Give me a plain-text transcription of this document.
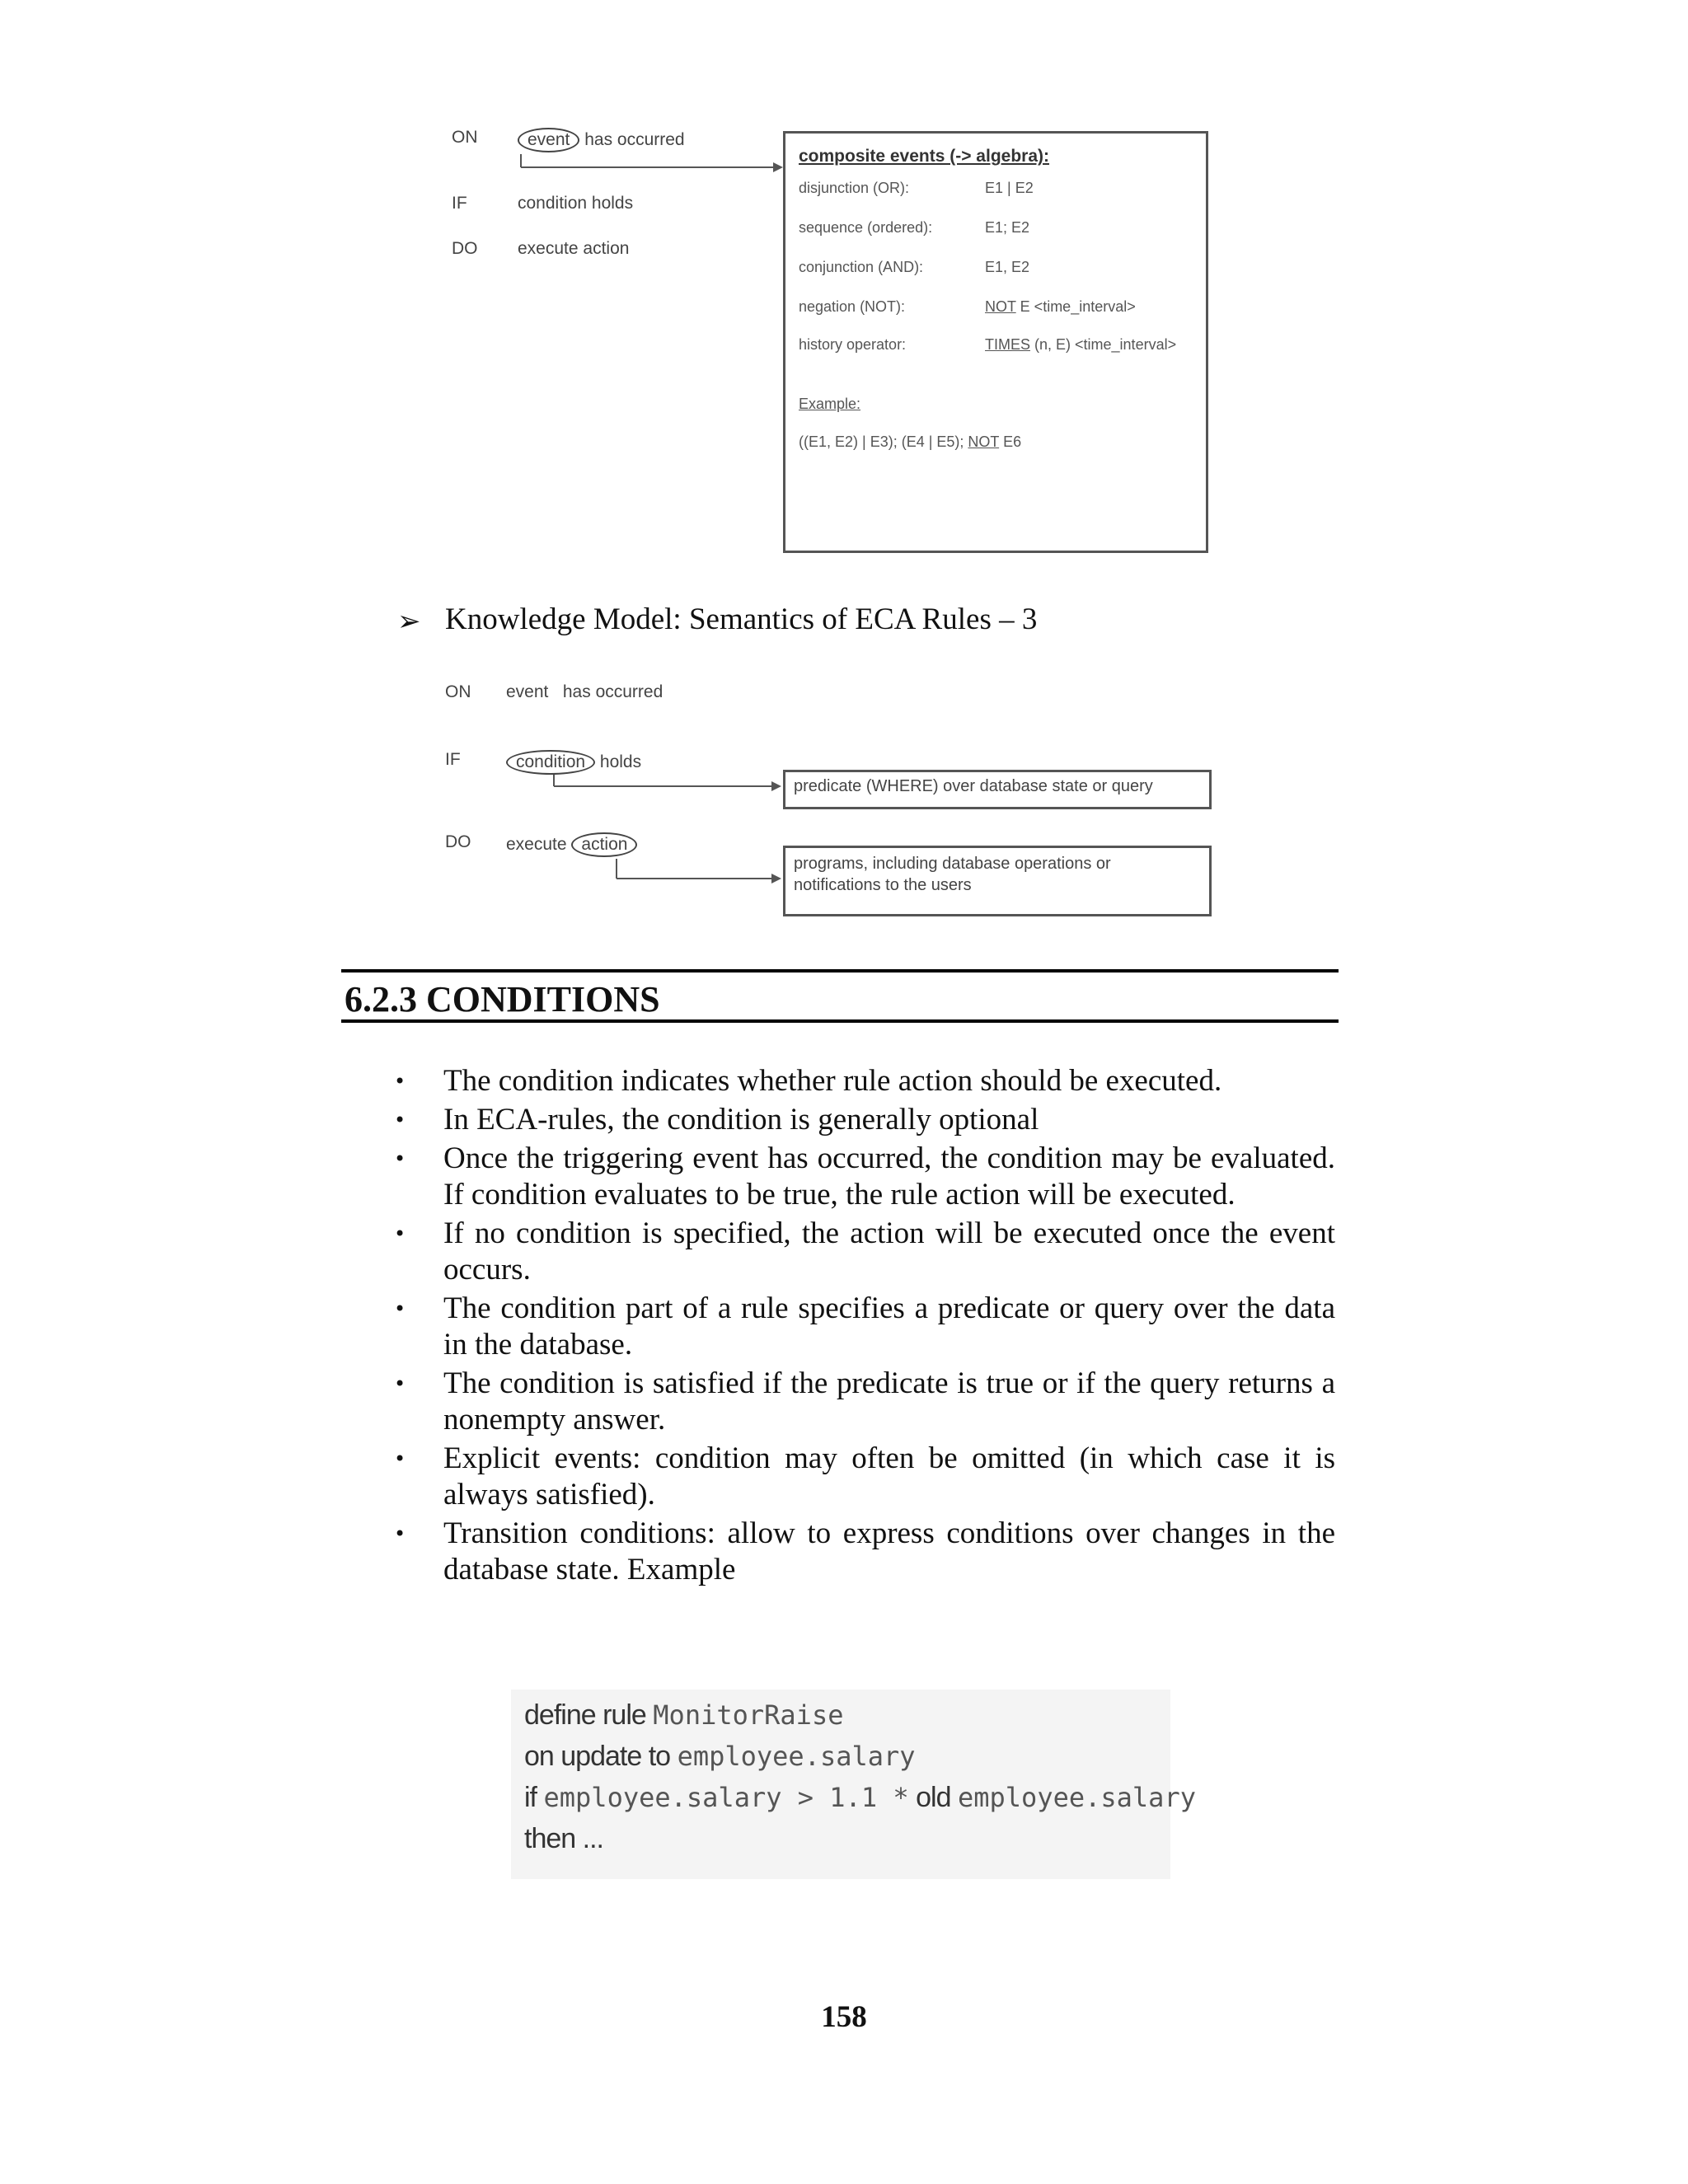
ON	event has occurred
IF	condition holds
DO execute action
composite events (-> algebra):
disjunction (OR):	E1 | E2
sequence (ordered):	E1; E2
conjunction (AND):	E1, E2
negation (NOT):	NOT E <time_interval>
history operator:	TIMES (n, E) <time_interval>
Example:
((E1, E2) | E3); (E4 | E5); NOT E6
➢ Knowledge Model: Semantics of ECA Rules – 3
ON event   has occurred
IF	condition holds
DO execute action
predicate (WHERE) over database state or query
programs, including database operations or notifications to the users
6.2.3 CONDITIONS
• The condition indicates whether rule action should be executed.
• In ECA-rules, the condition is generally optional
• Once the triggering event has occurred, the condition may be evaluated. If condition evaluates to be true, the rule action will be executed.
• If no condition is specified, the action will be executed once the event occurs.
• The condition part of a rule specifies a predicate or query over the data in the database.
• The condition is satisfied if the predicate is true or if the query returns a nonempty answer.
• Explicit events: condition may often be omitted (in which case it is always satisfied).
• Transition conditions: allow to express conditions over changes in the database state. Example
define rule MonitorRaise
on update to employee.salary
if employee.salary > 1.1 * old employee.salary
then ...
158
